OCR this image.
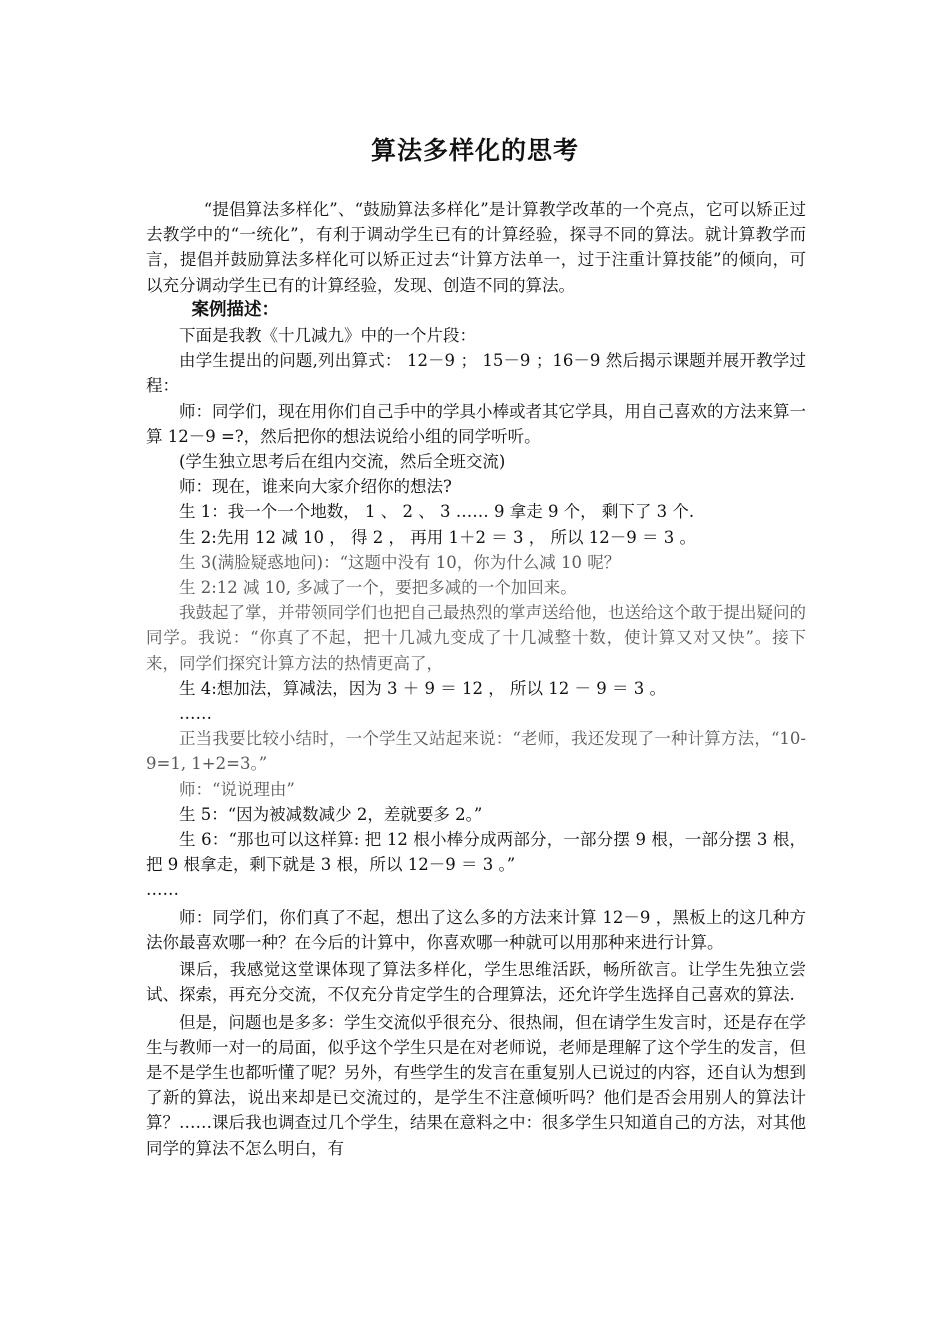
算法多样化的思考

“提倡算法多样化”、“鼓励算法多样化”是计算教学改革的一个亮点，它可以矫正过去教学中的“一统化”，有利于调动学生已有的计算经验，探寻不同的算法。就计算教学而言，提倡并鼓励算法多样化可以矫正过去“计算方法单一，过于注重计算技能”的倾向，可以充分调动学生已有的计算经验，发现、创造不同的算法。

案例描述：

下面是我教《十几减九》中的一个片段：

由学生提出的问题,列出算式： 12－9 ； 15－9 ；16－9 然后揭示课题并展开教学过程：

师：同学们，现在用你们自己手中的学具小棒或者其它学具，用自己喜欢的方法来算一算 12－9 =?，然后把你的想法说给小组的同学听听。

(学生独立思考后在组内交流，然后全班交流)

师：现在，谁来向大家介绍你的想法?

生 1：我一个一个地数， 1 、 2 、 3 …… 9 拿走 9 个， 剩下了 3 个.

生 2:先用 12 减 10 ， 得 2 ， 再用 1＋2 ＝ 3 ， 所以 12－9 ＝ 3 。

生 3(满脸疑惑地问)：“这题中没有 10，你为什么减 10 呢？

生 2:12 减 10, 多减了一个，要把多减的一个加回来。

我鼓起了掌，并带领同学们也把自己最热烈的掌声送给他，也送给这个敢于提出疑问的同学。我说：“你真了不起，把十几减九变成了十几减整十数，使计算又对又快”。接下来，同学们探究计算方法的热情更高了，

生 4:想加法，算减法，因为 3 ＋ 9 ＝ 12 ， 所以 12 － 9 ＝ 3 。

……

正当我要比较小结时，一个学生又站起来说：“老师，我还发现了一种计算方法，“10-9=1, 1+2=3。”

师：“说说理由”

生 5：“因为被减数减少 2，差就要多 2。”

生 6：“那也可以这样算: 把 12 根小棒分成两部分，一部分摆 9 根，一部分摆 3 根，把 9 根拿走，剩下就是 3 根，所以 12－9 ＝ 3 。”

……

师：同学们，你们真了不起，想出了这么多的方法来计算 12－9 ，黑板上的这几种方法你最喜欢哪一种？在今后的计算中，你喜欢哪一种就可以用那种来进行计算。

课后，我感觉这堂课体现了算法多样化，学生思维活跃，畅所欲言。让学生先独立尝试、探索，再充分交流，不仅充分肯定学生的合理算法，还允许学生选择自己喜欢的算法.

但是，问题也是多多：学生交流似乎很充分、很热闹，但在请学生发言时，还是存在学生与教师一对一的局面，似乎这个学生只是在对老师说，老师是理解了这个学生的发言，但是不是学生也都听懂了呢？另外，有些学生的发言在重复别人已说过的内容，还自认为想到了新的算法，说出来却是已交流过的，是学生不注意倾听吗？他们是否会用别人的算法计算？……课后我也调查过几个学生，结果在意料之中：很多学生只知道自己的方法，对其他同学的算法不怎么明白，有
